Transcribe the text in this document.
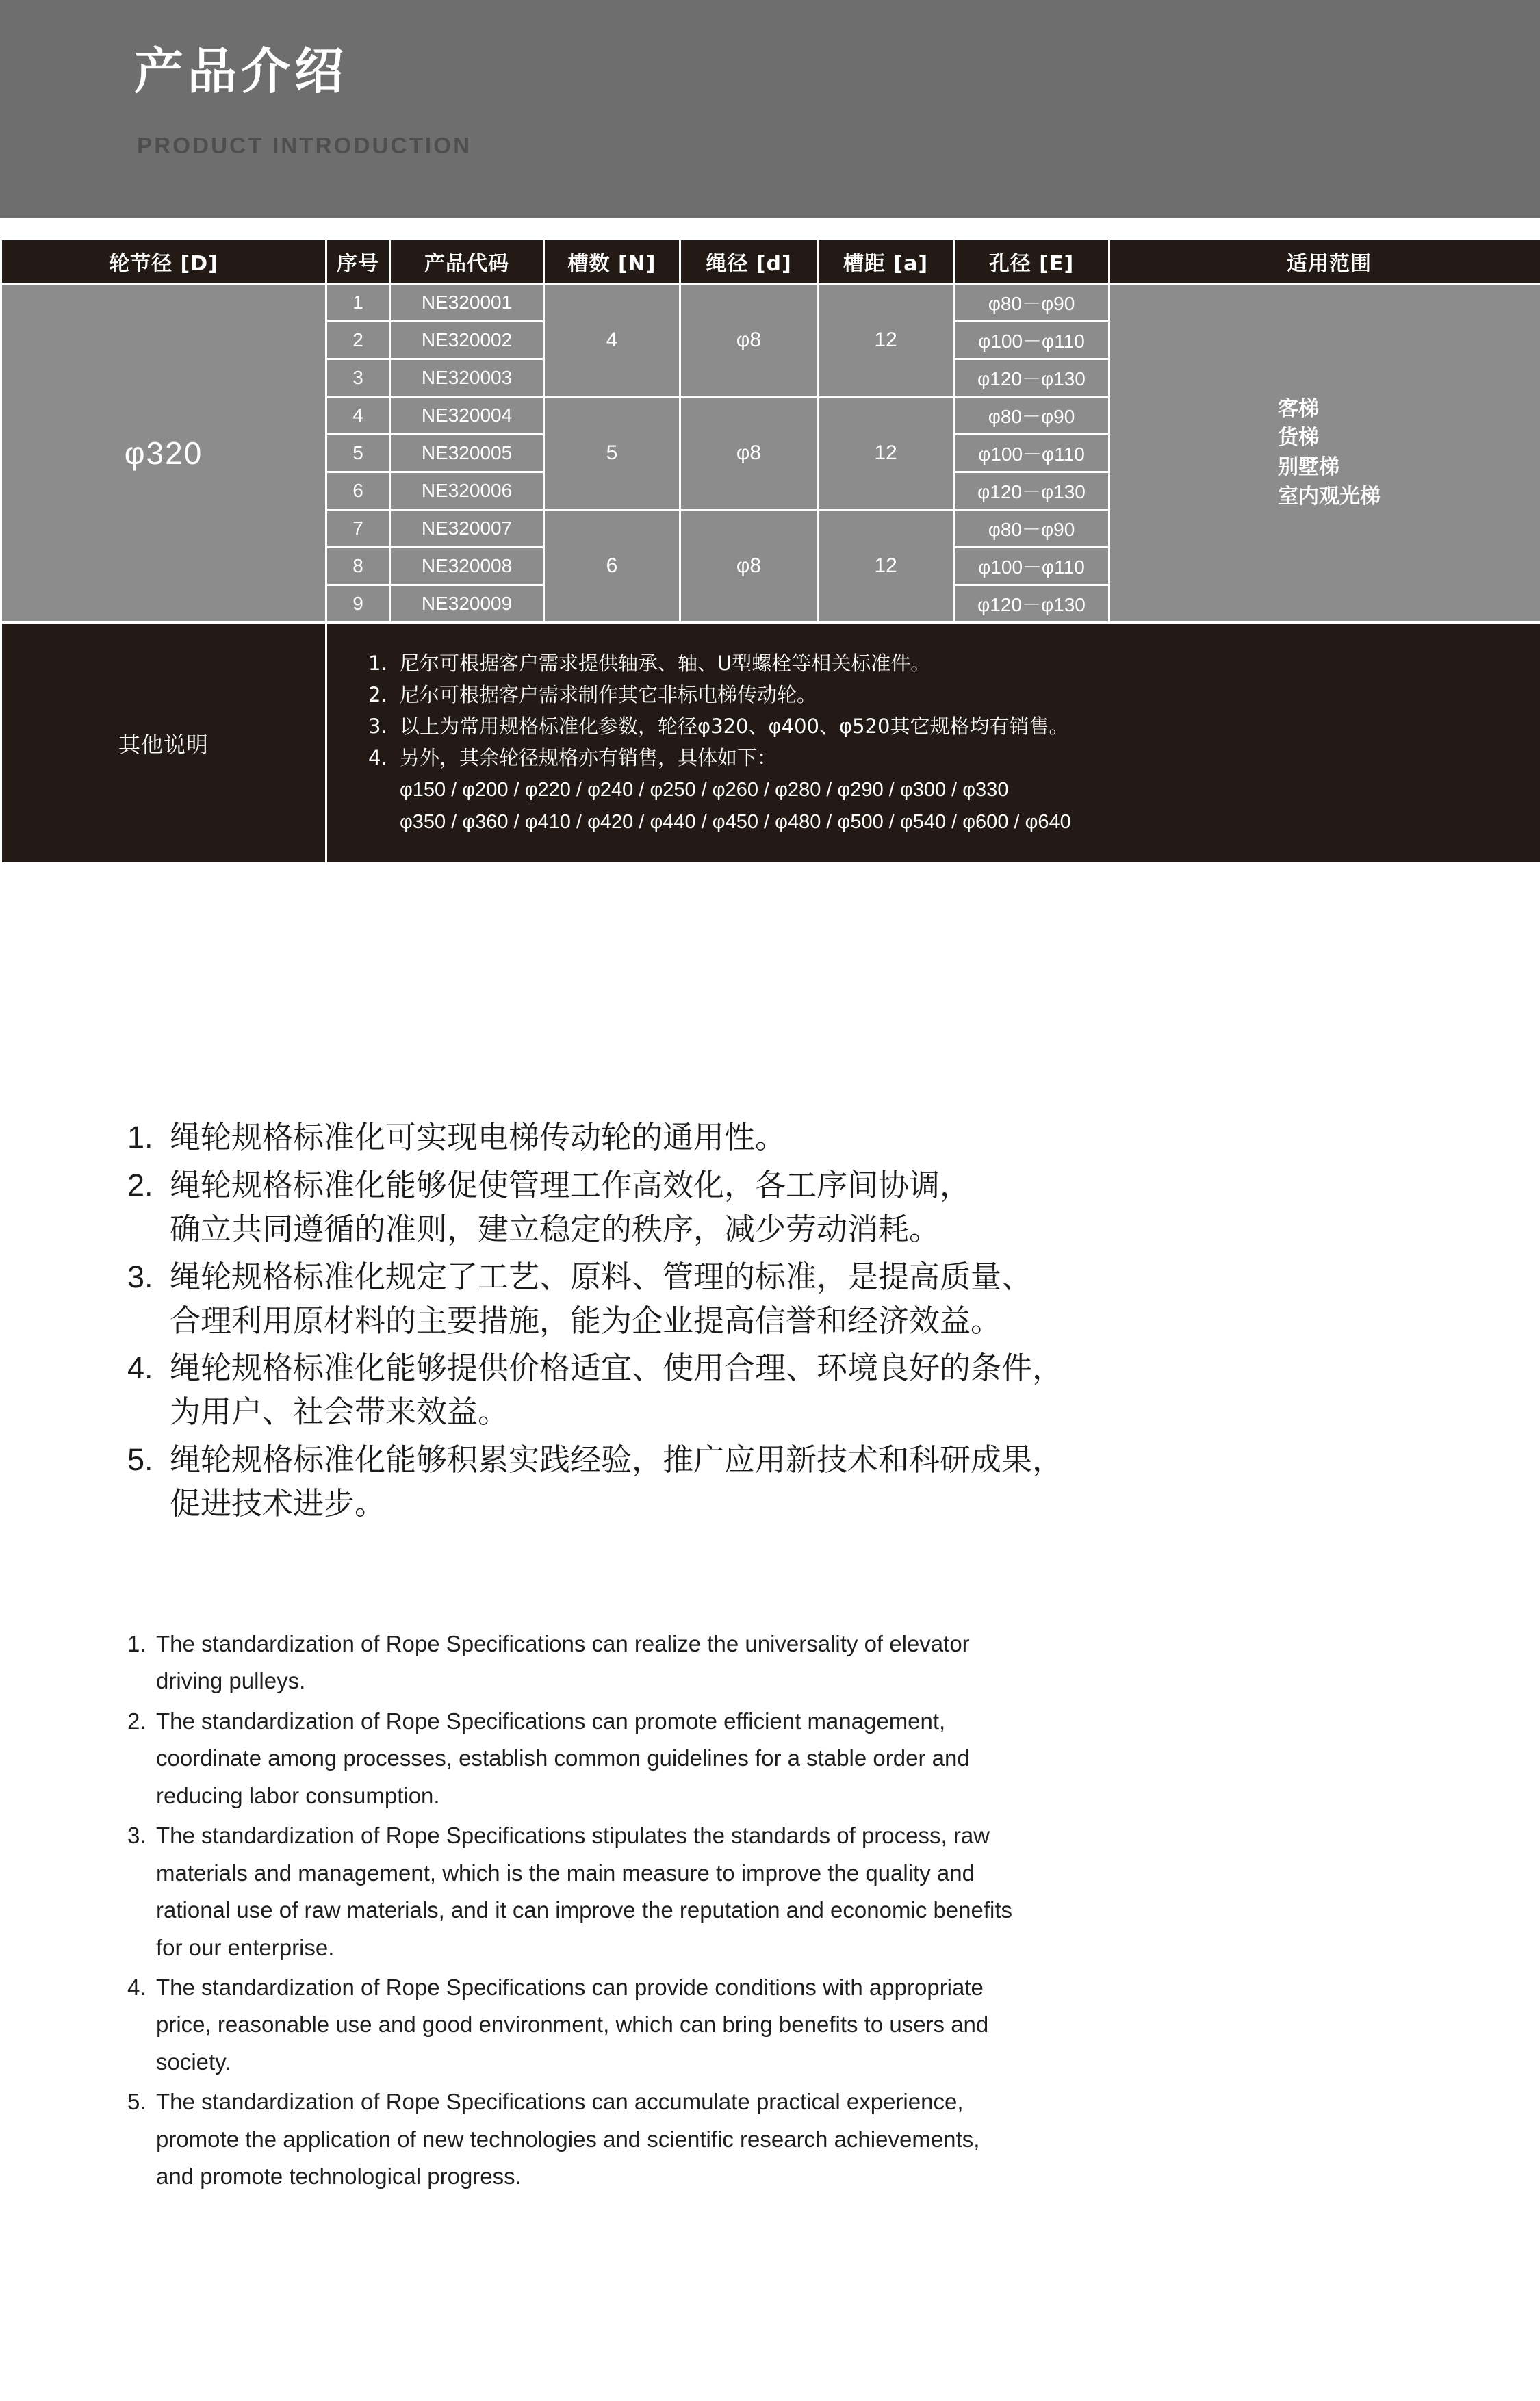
产品介绍
PRODUCT INTRODUCTION
轮节径 [D]	序号	产品代码	槽数 [N]	绳径 [d]	槽距 [a]	孔径 [E]	适用范围
φ320	1	NE320001	4	φ8	12	φ80－φ90	客梯
货梯
别墅梯
室内观光梯

	2	NE320002				φ100－φ110	
	3	NE320003				φ120－φ130	
	4	NE320004	5	φ8	12	φ80－φ90	
	5	NE320005				φ100－φ110	
	6	NE320006				φ120－φ130	
	7	NE320007	6	φ8	12	φ80－φ90	
	8	NE320008				φ100－φ110	
	9	NE320009				φ120－φ130	
其他说明	
1. 尼尔可根据客户需求提供轴承、轴、U型螺栓等相关标准件。
2. 尼尔可根据客户需求制作其它非标电梯传动轮。
3. 以上为常用规格标准化参数，轮径φ320、φ400、φ520其它规格均有销售。
4. 另外，其余轮径规格亦有销售，具体如下：
φ150 / φ200 / φ220 / φ240 / φ250 / φ260 / φ280 / φ290 / φ300 / φ330
φ350 / φ360 / φ410 / φ420 / φ440 / φ450 / φ480 / φ500 / φ540 / φ600 / φ640
1. 绳轮规格标准化可实现电梯传动轮的通用性。
2. 绳轮规格标准化能够促使管理工作高效化，各工序间协调，
确立共同遵循的准则，建立稳定的秩序，减少劳动消耗。
3. 绳轮规格标准化规定了工艺、原料、管理的标准，是提高质量、
合理利用原材料的主要措施，能为企业提高信誉和经济效益。
4. 绳轮规格标准化能够提供价格适宜、使用合理、环境良好的条件，
为用户、社会带来效益。
5. 绳轮规格标准化能够积累实践经验，推广应用新技术和科研成果，
促进技术进步。
1. The standardization of Rope Specifications can realize the universality of elevator
driving pulleys.
2. The standardization of Rope Specifications can promote efficient management,
coordinate among processes, establish common guidelines for a stable order and
reducing labor consumption.
3. The standardization of Rope Specifications stipulates the standards of process, raw
materials and management, which is the main measure to improve the quality and
rational use of raw materials, and it can improve the reputation and economic benefits
for our enterprise.
4. The standardization of Rope Specifications can provide conditions with appropriate
price, reasonable use and good environment, which can bring benefits to users and
society.
5. The standardization of Rope Specifications can accumulate practical experience,
promote the application of new technologies and scientific research achievements,
and promote technological progress.
